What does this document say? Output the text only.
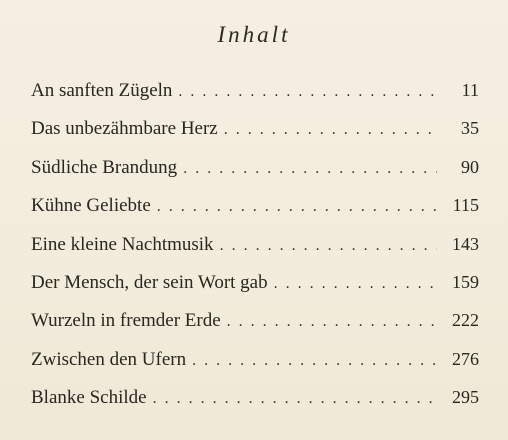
Inhalt
An sanften Zügeln . . .	11
Das unbezähmbare Herz . . .	35
Südliche Brandung . . .	90
Kühne Geliebte . . .	115
Eine kleine Nachtmusik . . .	143
Der Mensch, der sein Wort gab . . .	159
Wurzeln in fremder Erde . . .	222
Zwischen den Ufern . . .	276
Blanke Schilde . . .	295
